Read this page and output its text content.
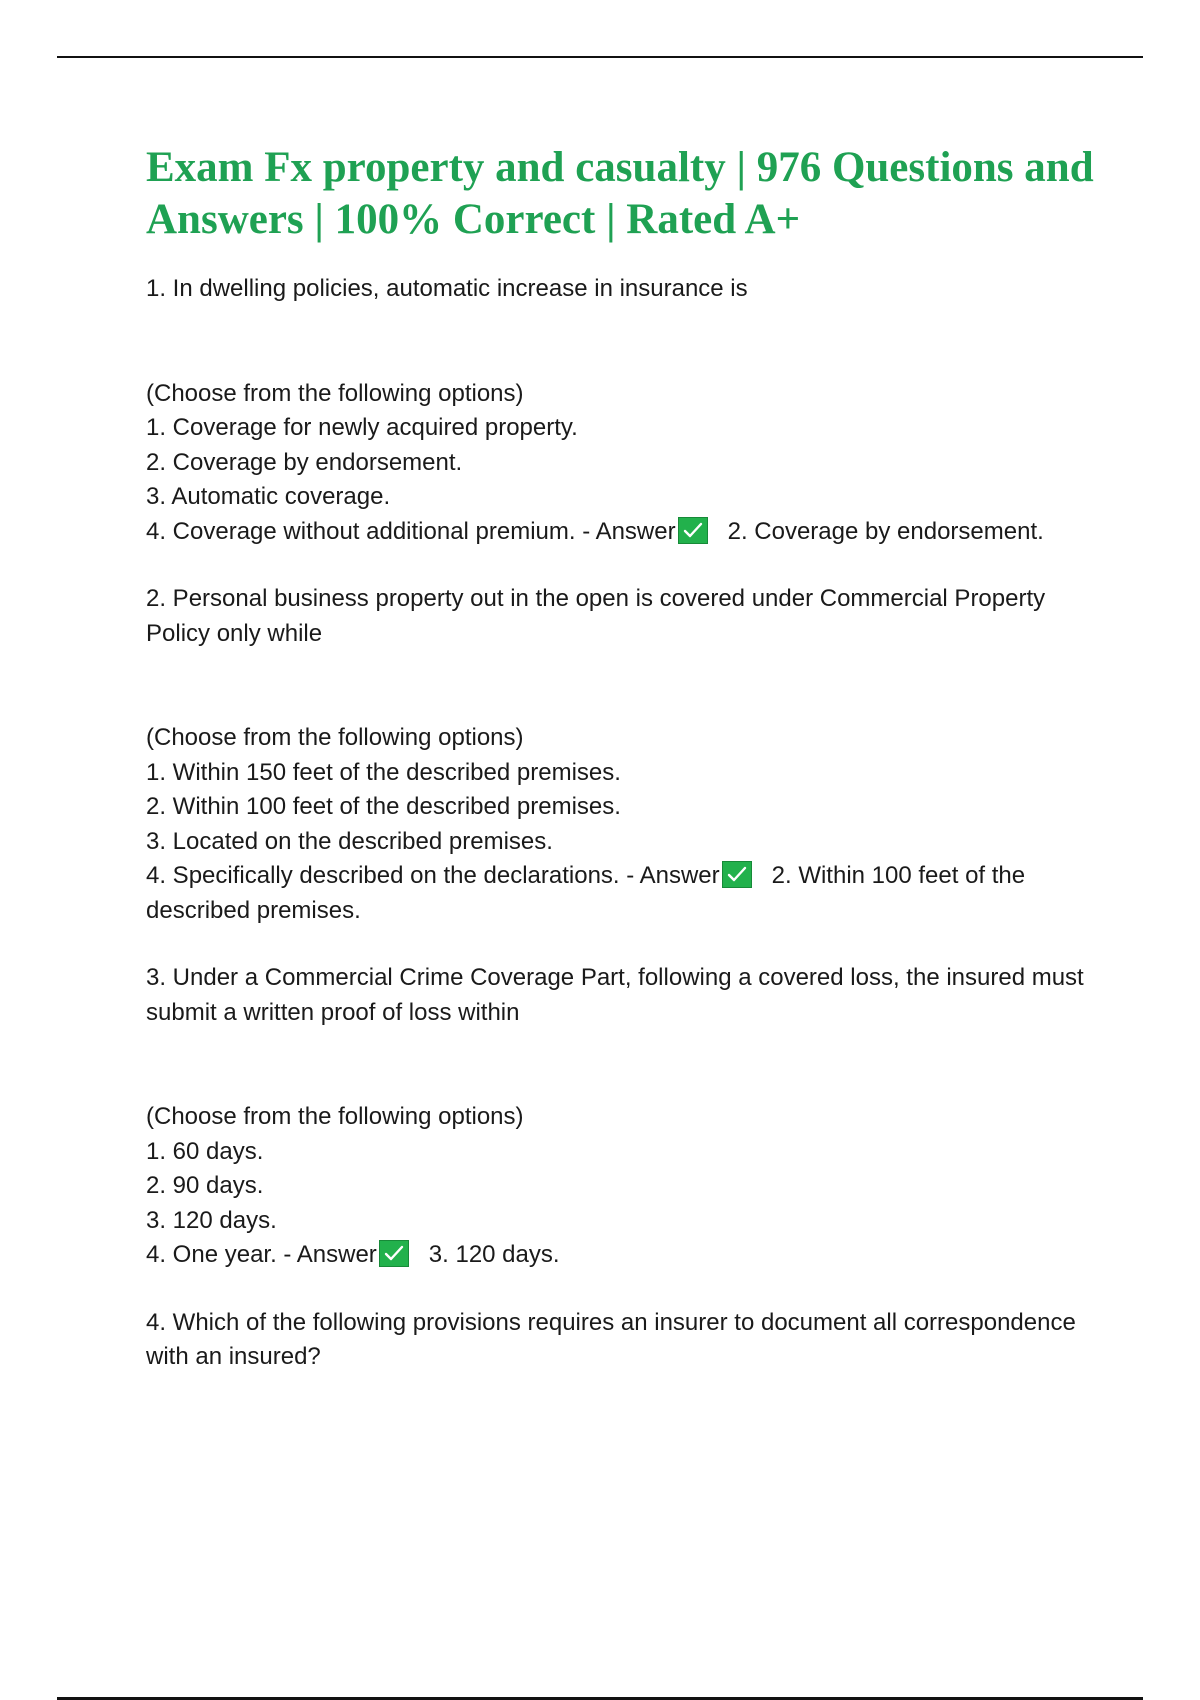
Exam Fx property and casualty | 976 Questions and Answers | 100% Correct | Rated A+

1. In dwelling policies, automatic increase in insurance is

(Choose from the following options)
1. Coverage for newly acquired property.
2. Coverage by endorsement.
3. Automatic coverage.
4. Coverage without additional premium. - Answer 2. Coverage by endorsement.

2. Personal business property out in the open is covered under Commercial Property Policy only while

(Choose from the following options)
1. Within 150 feet of the described premises.
2. Within 100 feet of the described premises.
3. Located on the described premises.
4. Specifically described on the declarations. - Answer 2. Within 100 feet of the described premises.

3. Under a Commercial Crime Coverage Part, following a covered loss, the insured must submit a written proof of loss within

(Choose from the following options)
1. 60 days.
2. 90 days.
3. 120 days.
4. One year. - Answer 3. 120 days.

4. Which of the following provisions requires an insurer to document all correspondence with an insured?
